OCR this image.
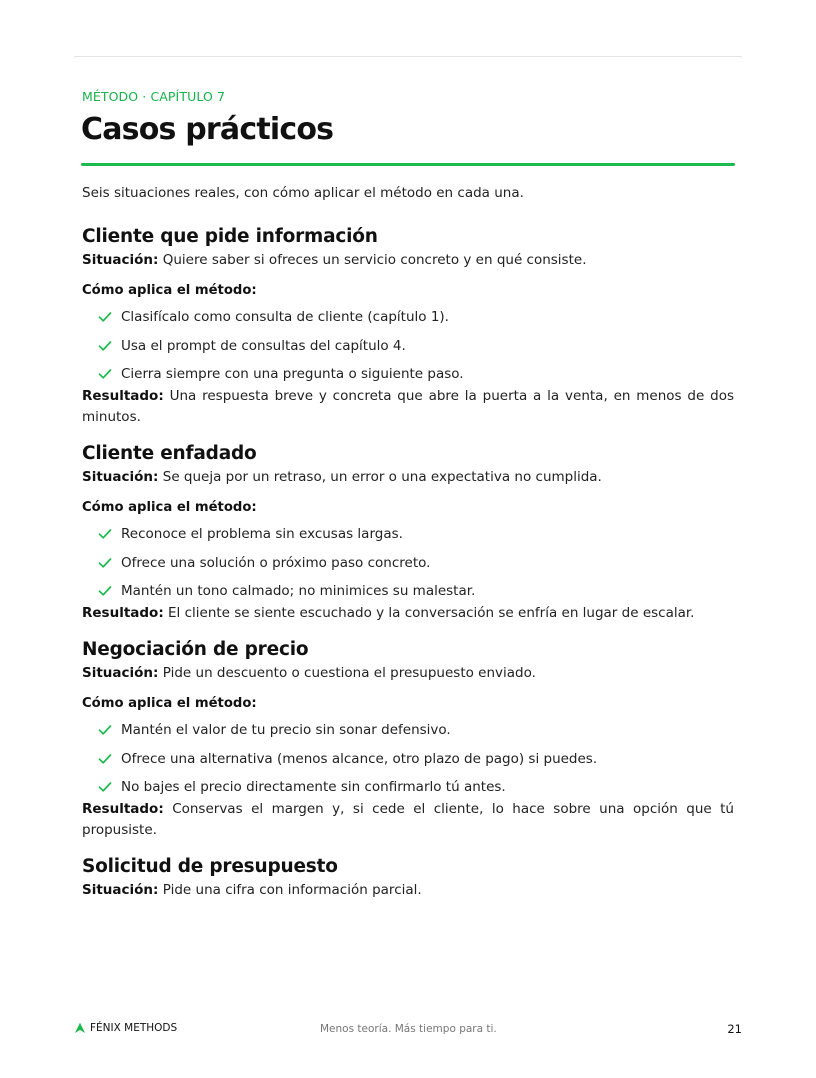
MÉTODO · CAPÍTULO 7
Casos prácticos
Seis situaciones reales, con cómo aplicar el método en cada una.
Cliente que pide información
Situación: Quiere saber si ofreces un servicio concreto y en qué consiste.
Cómo aplica el método:
Clasifícalo como consulta de cliente (capítulo 1).
Usa el prompt de consultas del capítulo 4.
Cierra siempre con una pregunta o siguiente paso.
Resultado: Una respuesta breve y concreta que abre la puerta a la venta, en menos de dos minutos.
Cliente enfadado
Situación: Se queja por un retraso, un error o una expectativa no cumplida.
Cómo aplica el método:
Reconoce el problema sin excusas largas.
Ofrece una solución o próximo paso concreto.
Mantén un tono calmado; no minimices su malestar.
Resultado: El cliente se siente escuchado y la conversación se enfría en lugar de escalar.
Negociación de precio
Situación: Pide un descuento o cuestiona el presupuesto enviado.
Cómo aplica el método:
Mantén el valor de tu precio sin sonar defensivo.
Ofrece una alternativa (menos alcance, otro plazo de pago) si puedes.
No bajes el precio directamente sin confirmarlo tú antes.
Resultado: Conservas el margen y, si cede el cliente, lo hace sobre una opción que tú propusiste.
Solicitud de presupuesto
Situación: Pide una cifra con información parcial.
FÉNIX METHODS	Menos teoría. Más tiempo para ti.	21
